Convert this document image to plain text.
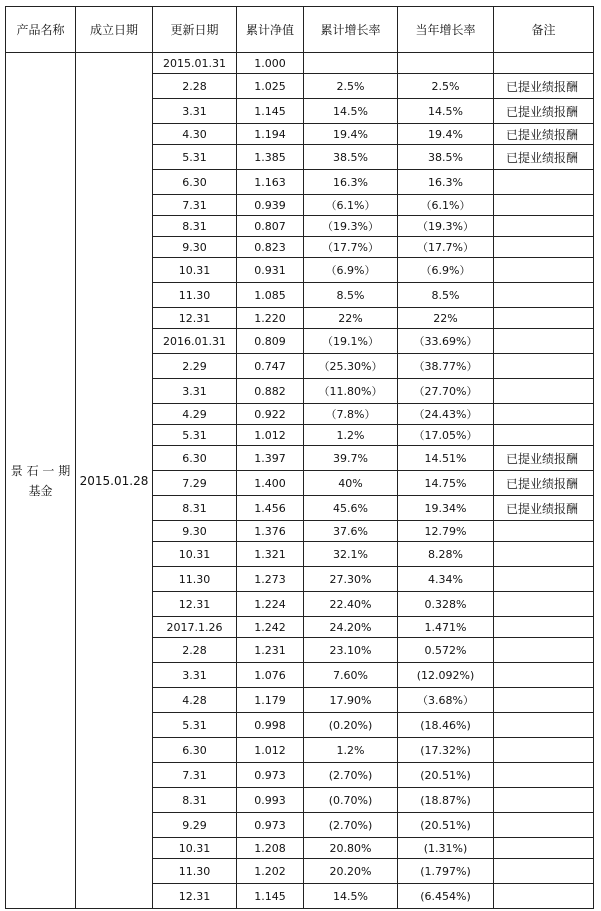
产品名称	成立日期	更新日期	累计净值	累计增长率	当年增长率	备注

景 石 一 期
基金	2015.01.28	2015.01.31	1.000			
		2.28	1.025	2.5%	2.5%	已提业绩报酬
		3.31	1.145	14.5%	14.5%	已提业绩报酬
		4.30	1.194	19.4%	19.4%	已提业绩报酬
		5.31	1.385	38.5%	38.5%	已提业绩报酬
		6.30	1.163	16.3%	16.3%	
		7.31	0.939	（6.1%）	（6.1%）	
		8.31	0.807	（19.3%）	（19.3%）	
		9.30	0.823	（17.7%）	（17.7%）	
		10.31	0.931	（6.9%）	（6.9%）	
		11.30	1.085	8.5%	8.5%	
		12.31	1.220	22%	22%	
		2016.01.31	0.809	（19.1%）	（33.69%）	
		2.29	0.747	（25.30%）	（38.77%）	
		3.31	0.882	（11.80%）	（27.70%）	
		4.29	0.922	（7.8%）	（24.43%）	
		5.31	1.012	1.2%	（17.05%）	
		6.30	1.397	39.7%	14.51%	已提业绩报酬
		7.29	1.400	40%	14.75%	已提业绩报酬
		8.31	1.456	45.6%	19.34%	已提业绩报酬
		9.30	1.376	37.6%	12.79%	
		10.31	1.321	32.1%	8.28%	
		11.30	1.273	27.30%	4.34%	
		12.31	1.224	22.40%	0.328%	
		2017.1.26	1.242	24.20%	1.471%	
		2.28	1.231	23.10%	0.572%	
		3.31	1.076	7.60%	(12.092%)	
		4.28	1.179	17.90%	（3.68%）	
		5.31	0.998	(0.20%)	(18.46%)	
		6.30	1.012	1.2%	(17.32%)	
		7.31	0.973	(2.70%)	(20.51%)	
		8.31	0.993	(0.70%)	(18.87%)	
		9.29	0.973	(2.70%)	(20.51%)	
		10.31	1.208	20.80%	(1.31%)	
		11.30	1.202	20.20%	(1.797%)	
		12.31	1.145	14.5%	(6.454%)	
